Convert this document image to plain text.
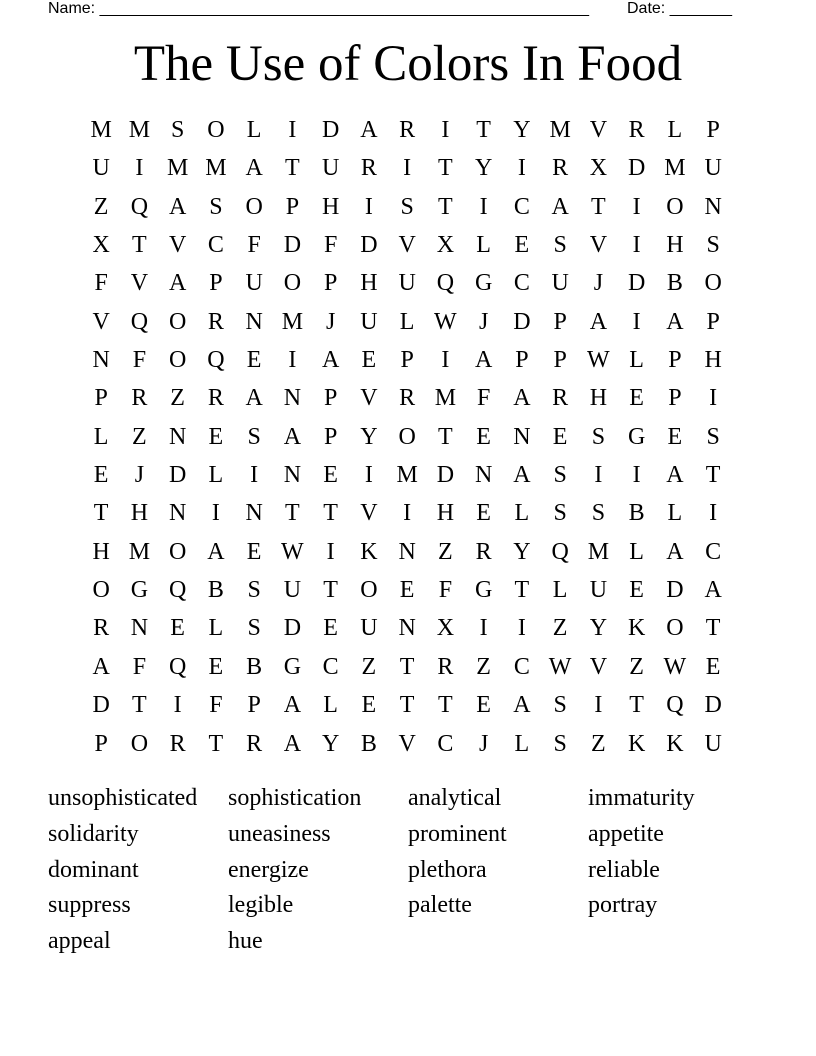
Name: _______________________________________________________ Date: _______
The Use of Colors In Food
M M S O L	I	D A R	I	T Y M V R L	P
U	I M M A T U R	I	T Y	I	R X D M U
Z Q A S O P H	I	S	T	I	C A T	I	O N
X T V C F D F D V X L E	S V	I	H S
F V A P U O P H U Q G C U	J	D B O
V Q O R N M J	U L W J	D P A	I	A P
N F O Q E	I	A E	P	I	A P	P W L	P H
P R Z R A N P V R M F A R H E	P	I
L Z N E	S A P Y O T E N E	S G E	S
E	J	D L	I	N E	I M D N A S	I	I	A T
T H N	I	N T T V	I	H E L	S	S B L	I
H M O A E W I	K N Z R Y Q M L A C
O G Q B S U T O E	F G T L U E D A
R N E L	S D E U N X	I	I	Z Y K O T
A F Q E B G C Z T R Z C W V Z W E
D T	I	F	P A L E T T E A S	I	T Q D
P O R T R A Y B V C	J	L	S	Z K K U
unsophisticated	sophistication	analytical	immaturity
solidarity	uneasiness	prominent	appetite
dominant	energize	plethora	reliable
suppress	legible	palette	portray
appeal	hue
